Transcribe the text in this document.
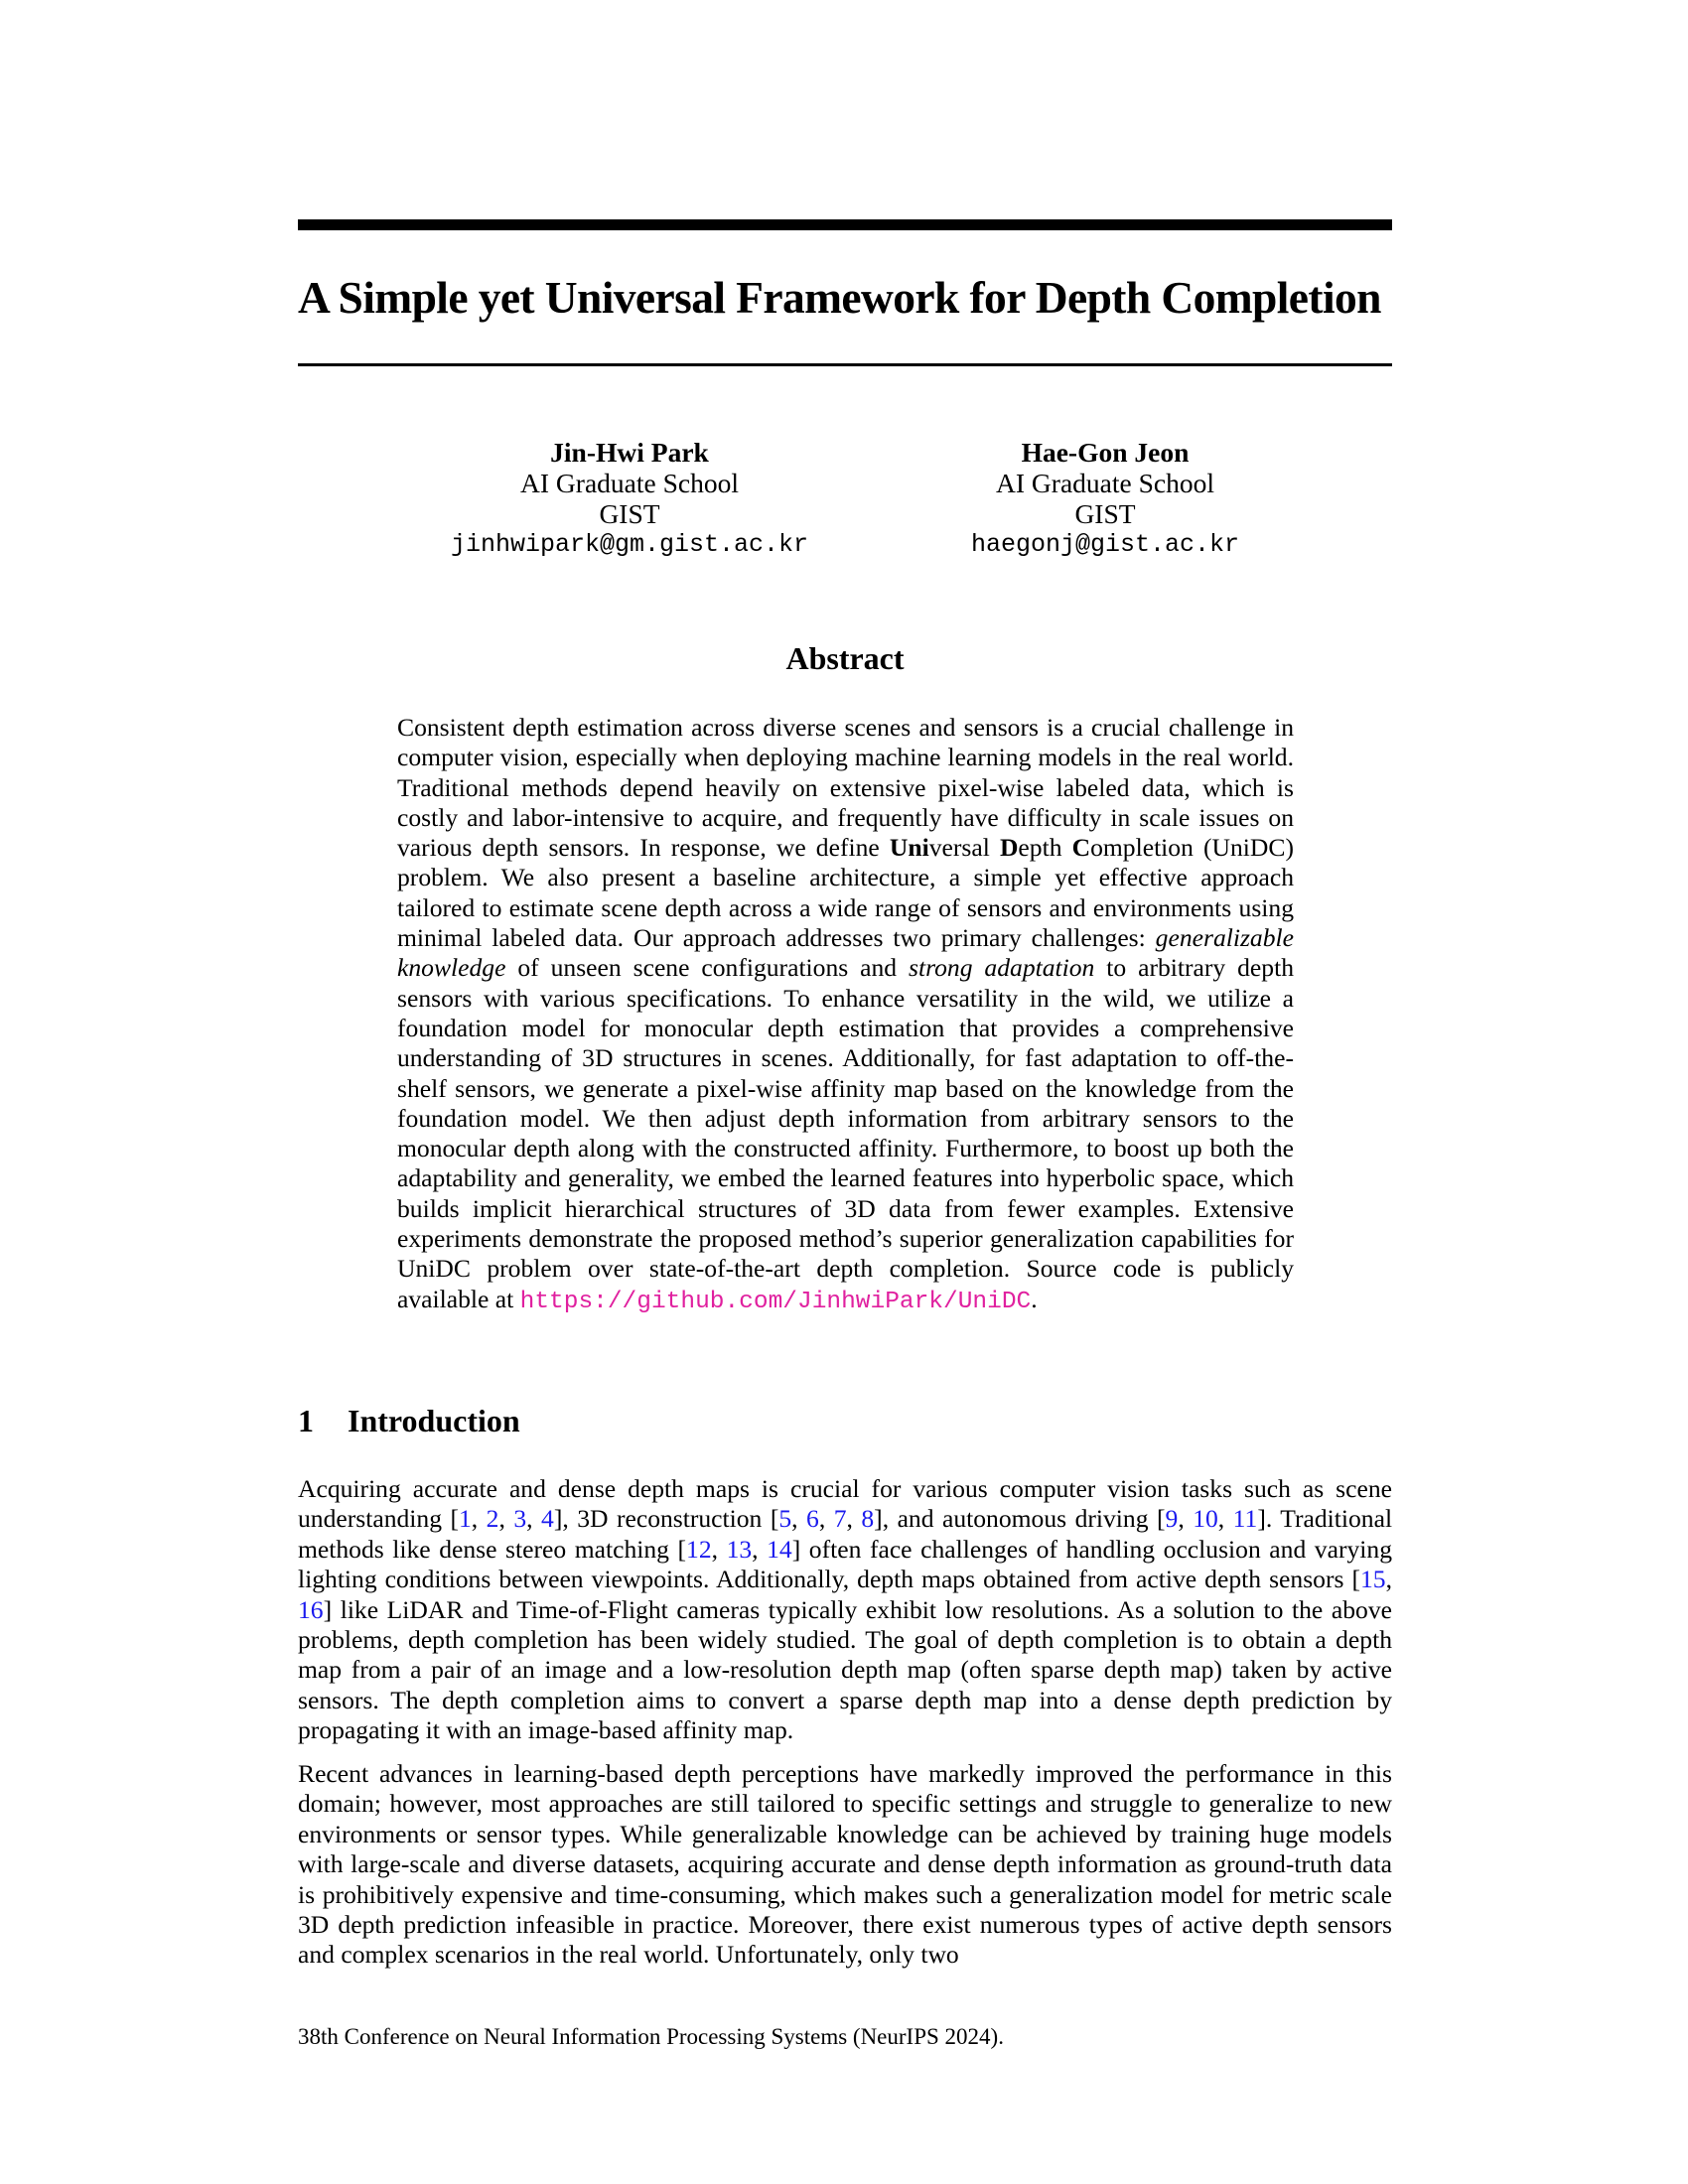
A Simple yet Universal Framework for Depth Completion
Jin-Hwi Park
AI Graduate School
GIST
jinhwipark@gm.gist.ac.kr
Hae-Gon Jeon
AI Graduate School
GIST
haegonj@gist.ac.kr
Abstract
Consistent depth estimation across diverse scenes and sensors is a crucial challenge in computer vision, especially when deploying machine learning models in the real world. Traditional methods depend heavily on extensive pixel-wise labeled data, which is costly and labor-intensive to acquire, and frequently have difficulty in scale issues on various depth sensors. In response, we define Universal Depth Completion (UniDC) problem. We also present a baseline architecture, a simple yet effective approach tailored to estimate scene depth across a wide range of sensors and environments using minimal labeled data. Our approach addresses two primary challenges: generalizable knowledge of unseen scene configurations and strong adaptation to arbitrary depth sensors with various specifications. To enhance versatility in the wild, we utilize a foundation model for monocular depth estimation that provides a comprehensive understanding of 3D structures in scenes. Additionally, for fast adaptation to off-the-shelf sensors, we generate a pixel-wise affinity map based on the knowledge from the foundation model. We then adjust depth information from arbitrary sensors to the monocular depth along with the constructed affinity. Furthermore, to boost up both the adaptability and generality, we embed the learned features into hyperbolic space, which builds implicit hierarchical structures of 3D data from fewer examples. Extensive experiments demonstrate the proposed method’s superior generalization capabilities for UniDC problem over state-of-the-art depth completion. Source code is publicly available at https://github.com/JinhwiPark/UniDC.
1 Introduction
Acquiring accurate and dense depth maps is crucial for various computer vision tasks such as scene understanding [1, 2, 3, 4], 3D reconstruction [5, 6, 7, 8], and autonomous driving [9, 10, 11]. Traditional methods like dense stereo matching [12, 13, 14] often face challenges of handling occlusion and varying lighting conditions between viewpoints. Additionally, depth maps obtained from active depth sensors [15, 16] like LiDAR and Time-of-Flight cameras typically exhibit low resolutions. As a solution to the above problems, depth completion has been widely studied. The goal of depth completion is to obtain a depth map from a pair of an image and a low-resolution depth map (often sparse depth map) taken by active sensors. The depth completion aims to convert a sparse depth map into a dense depth prediction by propagating it with an image-based affinity map.
Recent advances in learning-based depth perceptions have markedly improved the performance in this domain; however, most approaches are still tailored to specific settings and struggle to generalize to new environments or sensor types. While generalizable knowledge can be achieved by training huge models with large-scale and diverse datasets, acquiring accurate and dense depth information as ground-truth data is prohibitively expensive and time-consuming, which makes such a generalization model for metric scale 3D depth prediction infeasible in practice. Moreover, there exist numerous types of active depth sensors and complex scenarios in the real world. Unfortunately, only two
38th Conference on Neural Information Processing Systems (NeurIPS 2024).
